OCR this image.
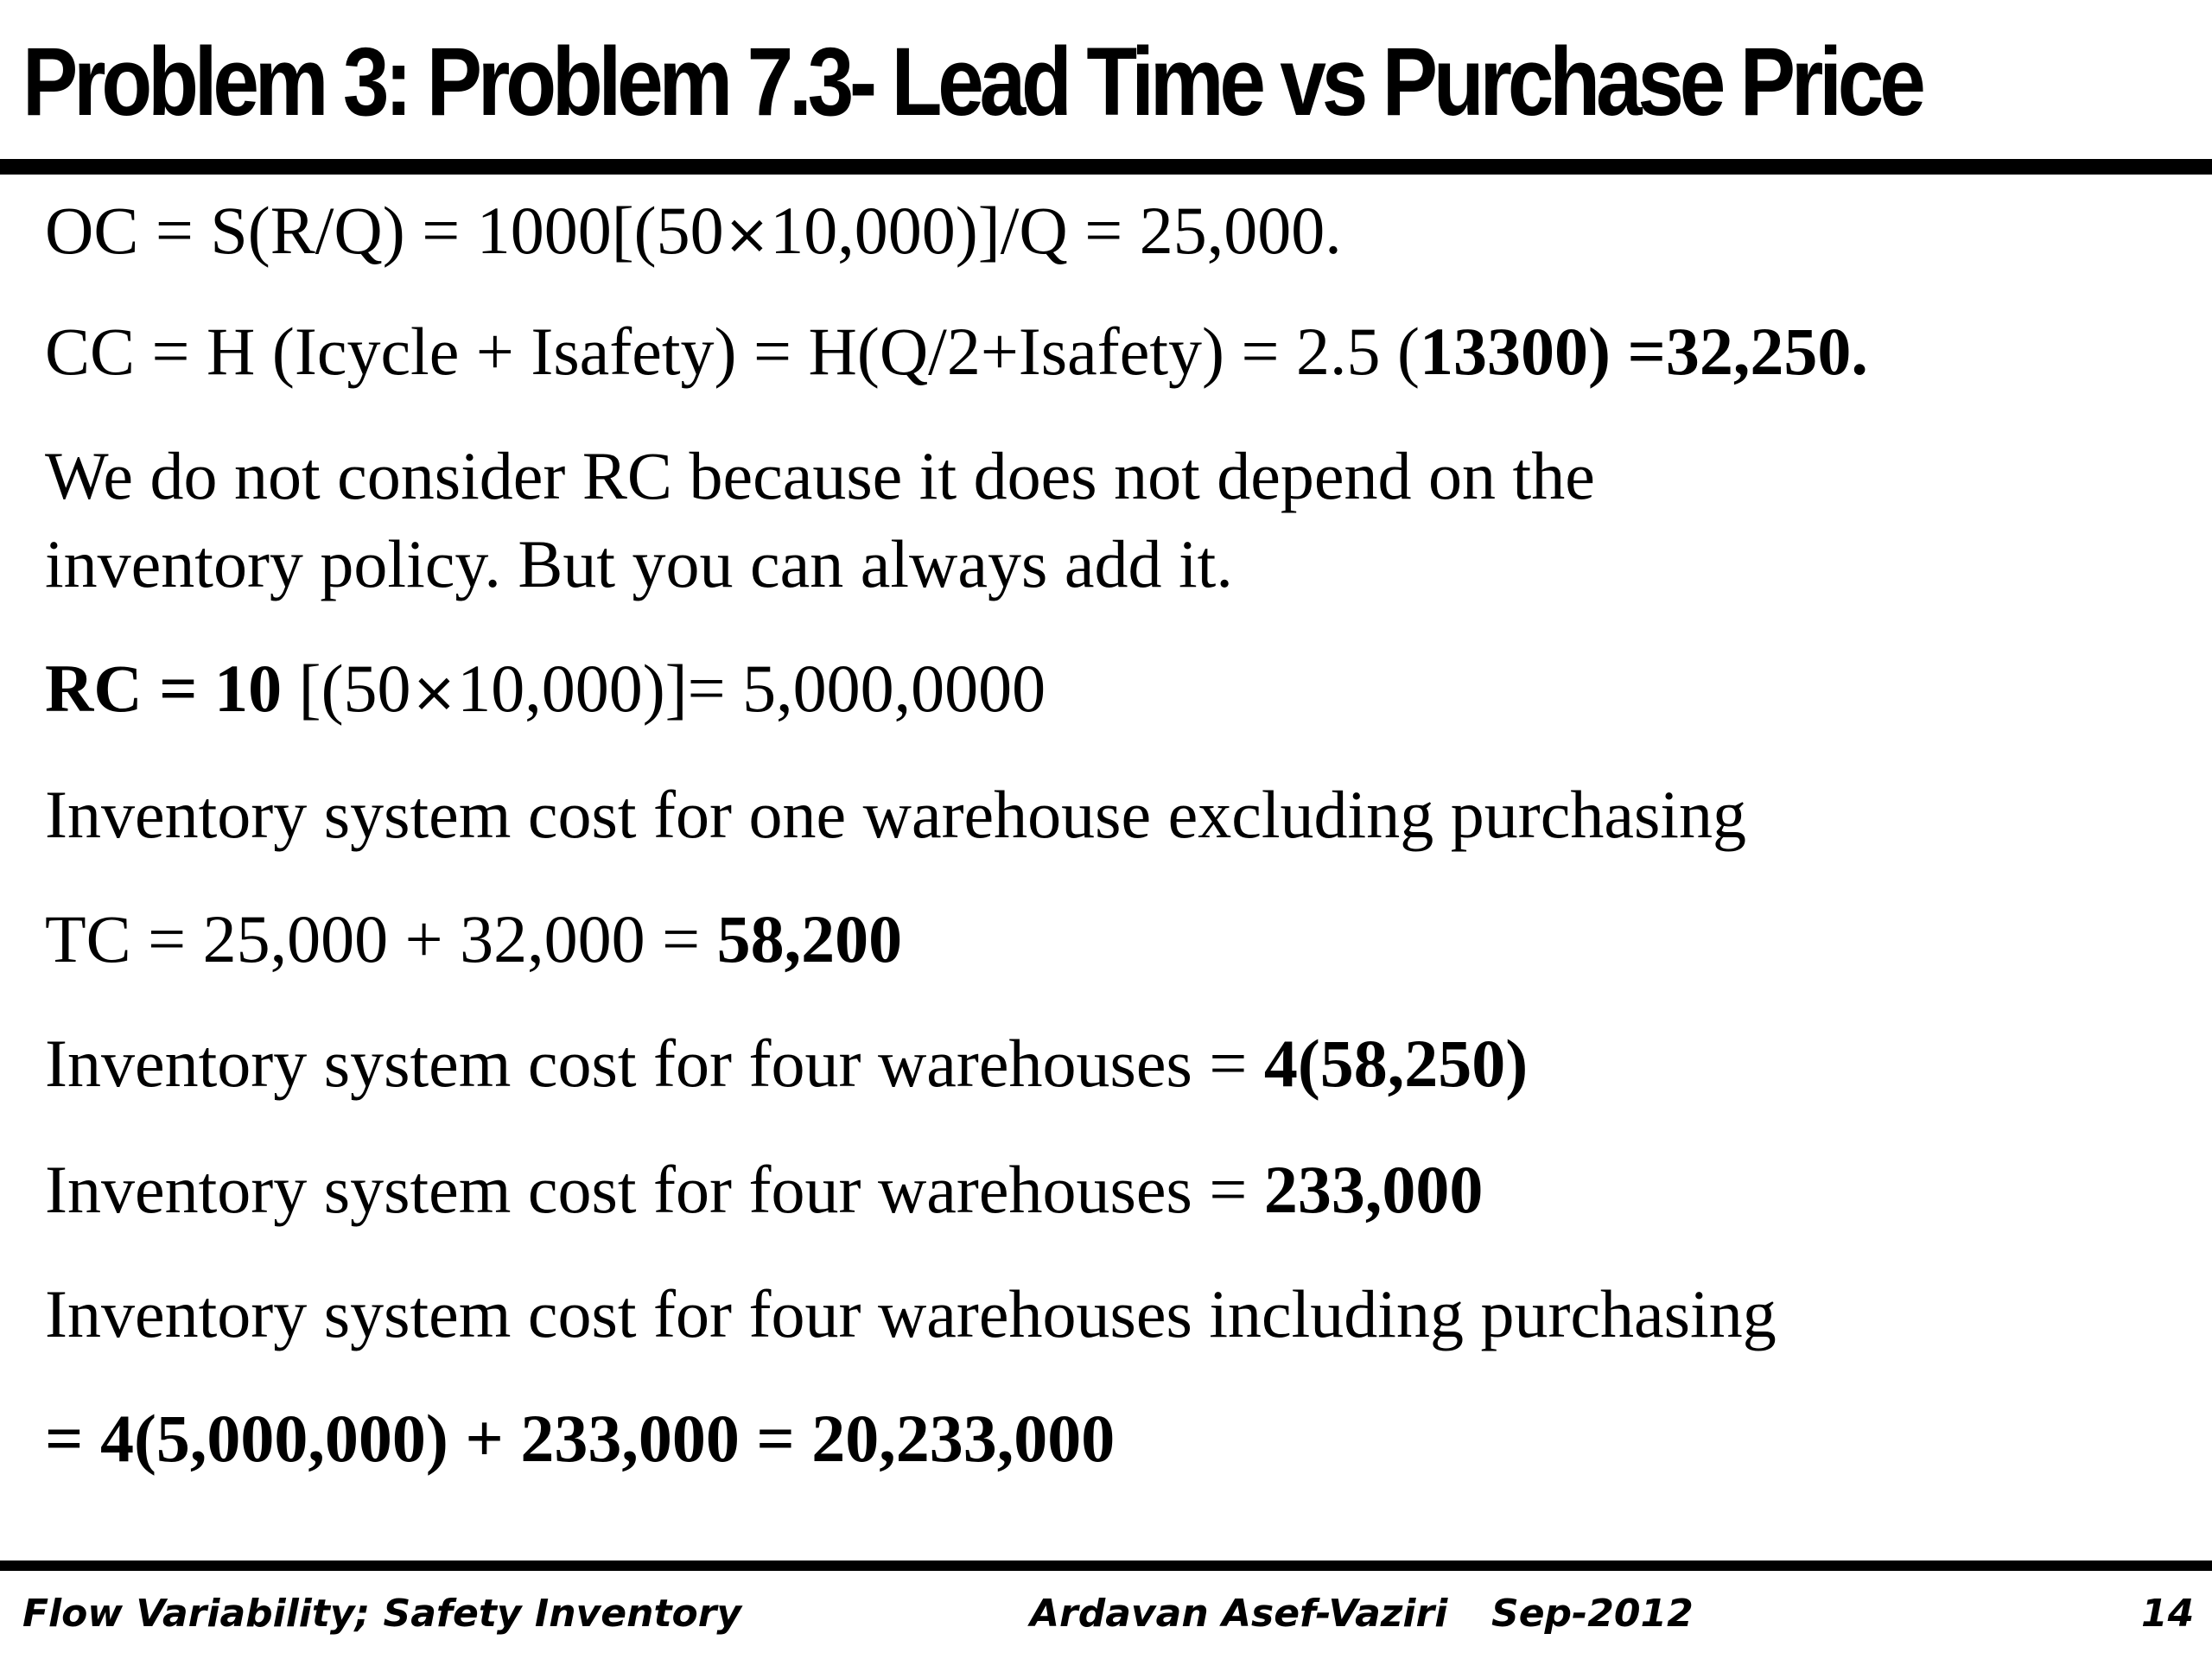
Problem 3: Problem 7.3- Lead Time vs Purchase Price
OC = S(R/Q) = 1000[(50×10,000)]/Q = 25,000.
CC = H (Icycle + Isafety) = H(Q/2+Isafety) = 2.5 (13300) =32,250.
We do not consider RC because it does not depend on the
inventory policy. But you can always add it.
RC = 10 [(50×10,000)]= 5,000,0000
Inventory system cost for one warehouse excluding purchasing
TC = 25,000 + 32,000 = 58,200
Inventory system cost for four warehouses = 4(58,250)
Inventory system cost for four warehouses = 233,000
Inventory system cost for four warehouses including purchasing
= 4(5,000,000) + 233,000 = 20,233,000
Flow Variability; Safety Inventory	Ardavan Asef-Vaziri Sep-2012	14
